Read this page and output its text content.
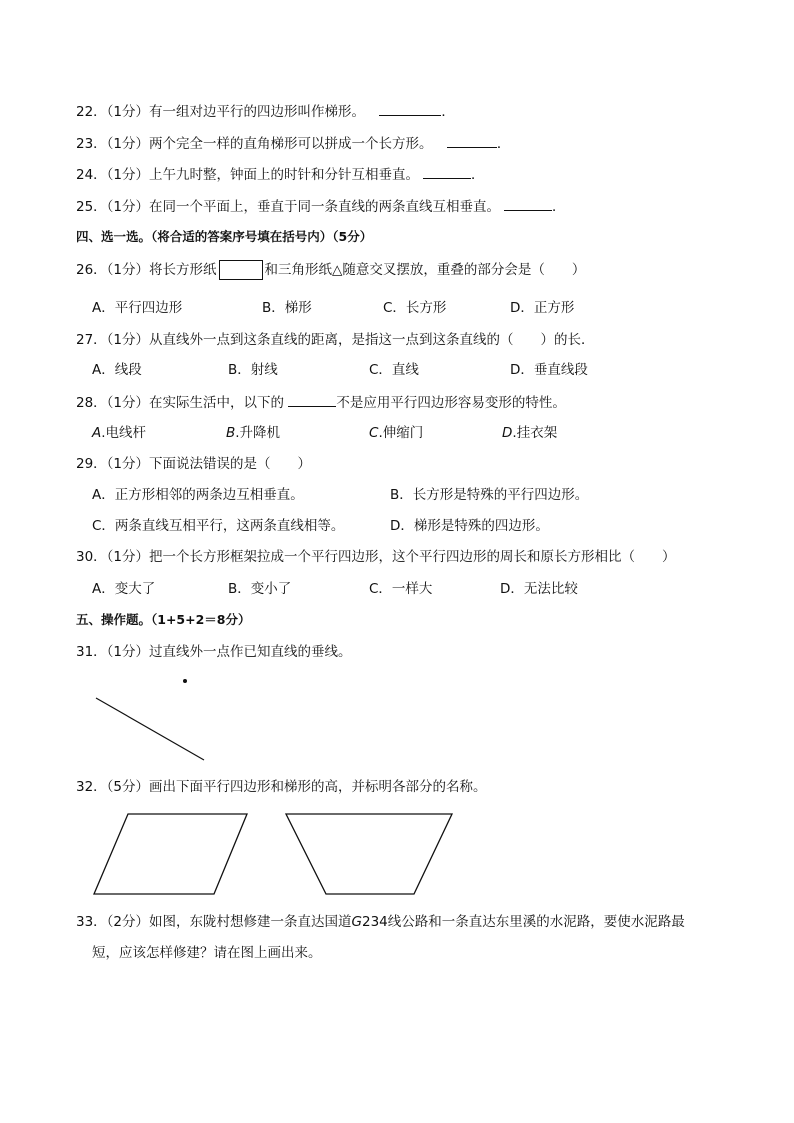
22．（1分）有一组对边平行的四边形叫作梯形。	．
23．（1分）两个完全一样的直角梯形可以拼成一个长方形。	．
24．（1分）上午九时整，钟面上的时针和分针互相垂直。	．
25．（1分）在同一个平面上，垂直于同一条直线的两条直线互相垂直。	．
四、选一选。（将合适的答案序号填在括号内）（5分）
26．（1分）将长方形纸	和三角形纸△随意交叉摆放，重叠的部分会是（　　）
A．平行四边形	B．梯形	C．长方形	D．正方形
27．（1分）从直线外一点到这条直线的距离，是指这一点到这条直线的（　　）的长．
A．线段	B．射线	C．直线	D．垂直线段
28．（1分）在实际生活中，以下的	不是应用平行四边形容易变形的特性。
A.电线杆	B.升降机	C.伸缩门	D.挂衣架
29．（1分）下面说法错误的是（　　）
A．正方形相邻的两条边互相垂直。	B．长方形是特殊的平行四边形。
C．两条直线互相平行，这两条直线相等。	D．梯形是特殊的四边形。
30．（1分）把一个长方形框架拉成一个平行四边形，这个平行四边形的周长和原长方形相比（　　）
A．变大了	B．变小了	C．一样大	D．无法比较
五、操作题。（1+5+2＝8分）
31．（1分）过直线外一点作已知直线的垂线。
32．（5分）画出下面平行四边形和梯形的高，并标明各部分的名称。
33．（2分）如图，东陇村想修建一条直达国道G234线公路和一条直达东里溪的水泥路，要使水泥路最
短，应该怎样修建？请在图上画出来。
